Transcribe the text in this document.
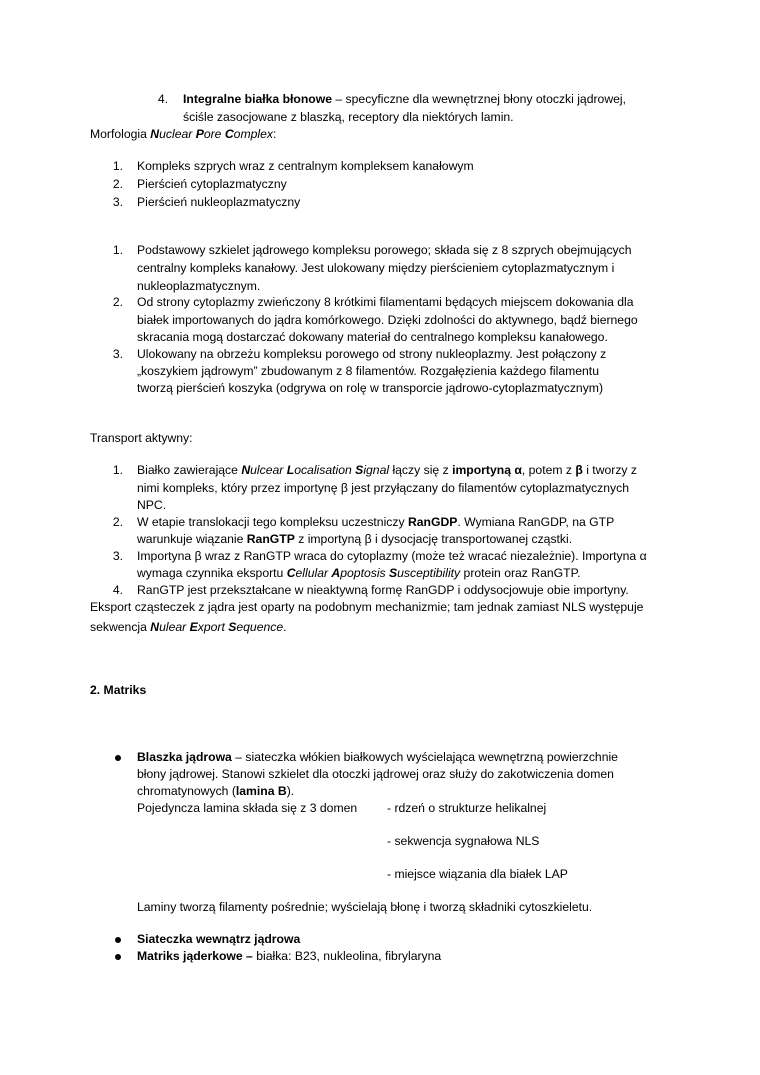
4. Integralne białka błonowe – specyficzne dla wewnętrznej błony otoczki jądrowej,
ściśle zasocjowane z blaszką, receptory dla niektórych lamin.
Morfologia Nuclear Pore Complex:
1. Kompleks szprych wraz z centralnym kompleksem kanałowym
2. Pierścień cytoplazmatyczny
3. Pierścień nukleoplazmatyczny
1. Podstawowy szkielet jądrowego kompleksu porowego; składa się z 8 szprych obejmujących
centralny kompleks kanałowy. Jest ulokowany między pierścieniem cytoplazmatycznym i
nukleoplazmatycznym.
2. Od strony cytoplazmy zwieńczony 8 krótkimi filamentami będących miejscem dokowania dla
białek importowanych do jądra komórkowego. Dzięki zdolności do aktywnego, bądź biernego
skracania mogą dostarczać dokowany materiał do centralnego kompleksu kanałowego.
3. Ulokowany na obrzeżu kompleksu porowego od strony nukleoplazmy. Jest połączony z
„koszykiem jądrowym” zbudowanym z 8 filamentów. Rozgałęzienia każdego filamentu
tworzą pierścień koszyka (odgrywa on rolę w transporcie jądrowo-cytoplazmatycznym)
Transport aktywny:
1. Białko zawierające Nulcear Localisation Signal łączy się z importyną α, potem z β i tworzy z
nimi kompleks, który przez importynę β jest przyłączany do filamentów cytoplazmatycznych
NPC.
2. W etapie translokacji tego kompleksu uczestniczy RanGDP. Wymiana RanGDP, na GTP
warunkuje wiązanie RanGTP z importyną β i dysocjację transportowanej cząstki.
3. Importyna β wraz z RanGTP wraca do cytoplazmy (może też wracać niezależnie). Importyna α
wymaga czynnika eksportu Cellular Apoptosis Susceptibility protein oraz RanGTP.
4. RanGTP jest przekształcane w nieaktywną formę RanGDP i oddysocjowuje obie importyny.
Eksport cząsteczek z jądra jest oparty na podobnym mechanizmie; tam jednak zamiast NLS występuje
sekwencja Nulear Export Sequence.
2. Matriks
Blaszka jądrowa – siateczka włókien białkowych wyścielająca wewnętrzną powierzchnie
błony jądrowej. Stanowi szkielet dla otoczki jądrowej oraz służy do zakotwiczenia domen
chromatynowych (lamina B).
Pojedyncza lamina składa się z 3 domen - rdzeń o strukturze helikalnej
- sekwencja sygnałowa NLS
- miejsce wiązania dla białek LAP
Laminy tworzą filamenty pośrednie; wyścielają błonę i tworzą składniki cytoszkieletu.
Siateczka wewnątrz jądrowa
Matriks jąderkowe – białka: B23, nukleolina, fibrylaryna
